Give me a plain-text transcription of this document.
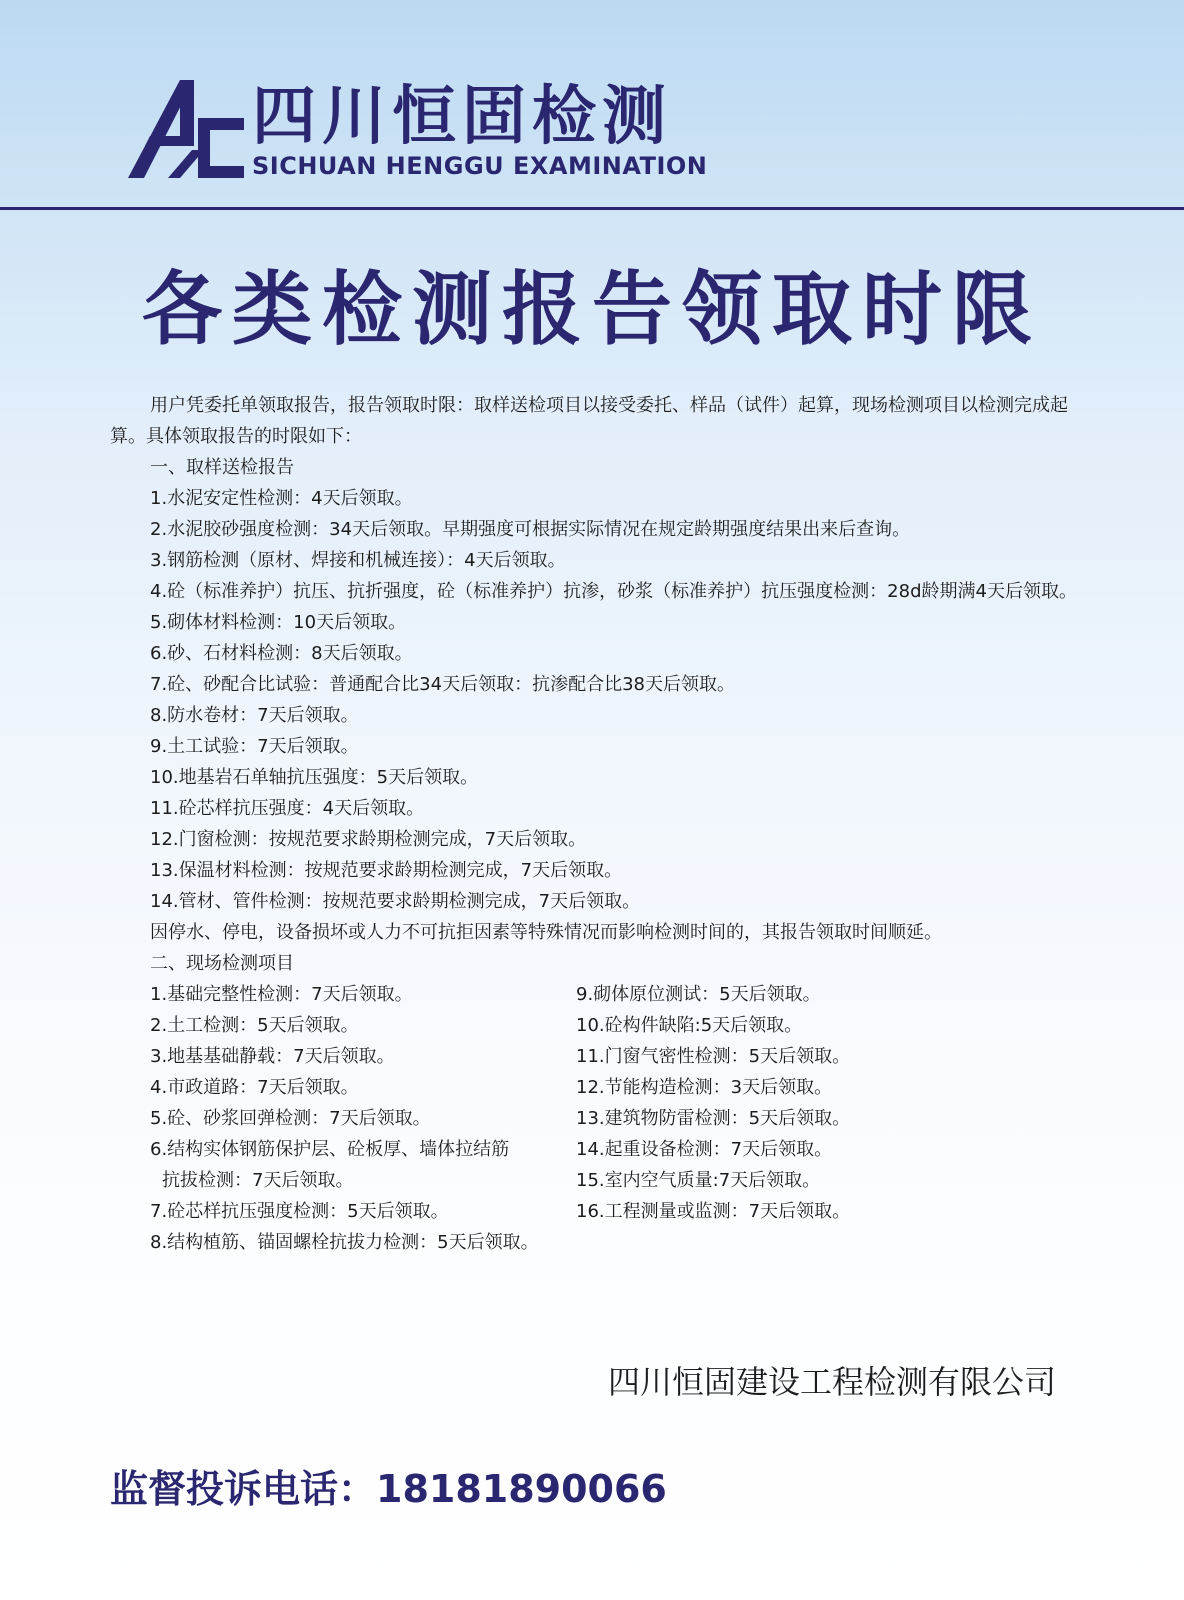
四川恒固检测
SICHUAN HENGGU EXAMINATION
各类检测报告领取时限

用户凭委托单领取报告，报告领取时限：取样送检项目以接受委托、样品（试件）起算，现场检测项目以检测完成起算。具体领取报告的时限如下：

一、取样送检报告
1.水泥安定性检测：4天后领取。
2.水泥胶砂强度检测：34天后领取。早期强度可根据实际情况在规定龄期强度结果出来后查询。
3.钢筋检测（原材、焊接和机械连接）：4天后领取。

4.砼（标准养护）抗压、抗折强度，砼（标准养护）抗渗，砂浆（标准养护）抗压强度检测：28d龄期满4天后领取。

5.砌体材料检测：10天后领取。
6.砂、石材料检测：8天后领取。
7.砼、砂配合比试验：普通配合比34天后领取：抗渗配合比38天后领取。
8.防水卷材：7天后领取。
9.土工试验：7天后领取。
10.地基岩石单轴抗压强度：5天后领取。
11.砼芯样抗压强度：4天后领取。
12.门窗检测：按规范要求龄期检测完成，7天后领取。
13.保温材料检测：按规范要求龄期检测完成，7天后领取。
14.管材、管件检测：按规范要求龄期检测完成，7天后领取。
因停水、停电，设备损坏或人力不可抗拒因素等特殊情况而影响检测时间的，其报告领取时间顺延。
二、现场检测项目
1.基础完整性检测：7天后领取。
2.土工检测：5天后领取。
3.地基基础静载：7天后领取。
4.市政道路：7天后领取。
5.砼、砂浆回弹检测：7天后领取。
6.结构实体钢筋保护层、砼板厚、墙体拉结筋
抗拔检测：7天后领取。
7.砼芯样抗压强度检测：5天后领取。
8.结构植筋、锚固螺栓抗拔力检测：5天后领取。
9.砌体原位测试：5天后领取。
10.砼构件缺陷:5天后领取。
11.门窗气密性检测：5天后领取。
12.节能构造检测：3天后领取。
13.建筑物防雷检测：5天后领取。
14.起重设备检测：7天后领取。
15.室内空气质量:7天后领取。
16.工程测量或监测：7天后领取。
四川恒固建设工程检测有限公司
监督投诉电话：18181890066
